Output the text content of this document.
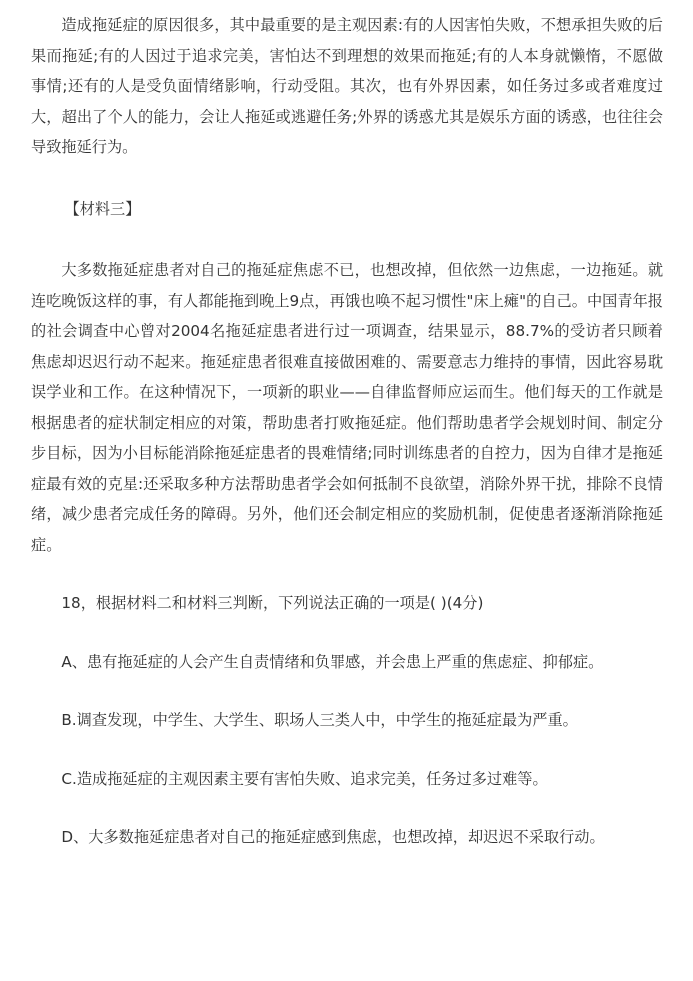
造成拖延症的原因很多，其中最重要的是主观因素:有的人因害怕失败，不想承担失败的后果而拖延;有的人因过于追求完美，害怕达不到理想的效果而拖延;有的人本身就懒惰，不愿做事情;还有的人是受负面情绪影响，行动受阻。其次，也有外界因素，如任务过多或者难度过大，超出了个人的能力，会让人拖延或逃避任务;外界的诱惑尤其是娱乐方面的诱惑，也往往会导致拖延行为。

【材料三】

大多数拖延症患者对自己的拖延症焦虑不已，也想改掉，但依然一边焦虑，一边拖延。就连吃晚饭这样的事，有人都能拖到晚上9点，再饿也唤不起习惯性"床上瘫"的自己。中国青年报的社会调查中心曾对2004名拖延症患者进行过一项调查，结果显示，88.7%的受访者只顾着焦虑却迟迟行动不起来。拖延症患者很难直接做困难的、需要意志力维持的事情，因此容易耽误学业和工作。在这种情况下，一项新的职业——自律监督师应运而生。他们每天的工作就是根据患者的症状制定相应的对策，帮助患者打败拖延症。他们帮助患者学会规划时间、制定分步目标，因为小目标能消除拖延症患者的畏难情绪;同时训练患者的自控力，因为自律才是拖延症最有效的克星:还采取多种方法帮助患者学会如何抵制不良欲望，消除外界干扰，排除不良情绪，减少患者完成任务的障碍。另外，他们还会制定相应的奖励机制，促使患者逐渐消除拖延症。

18，根据材料二和材料三判断，下列说法正确的一项是( )(4分)

A、患有拖延症的人会产生自责情绪和负罪感，并会患上严重的焦虑症、抑郁症。

B.调查发现，中学生、大学生、职场人三类人中，中学生的拖延症最为严重。

C.造成拖延症的主观因素主要有害怕失败、追求完美，任务过多过难等。

D、大多数拖延症患者对自己的拖延症感到焦虑，也想改掉，却迟迟不采取行动。
